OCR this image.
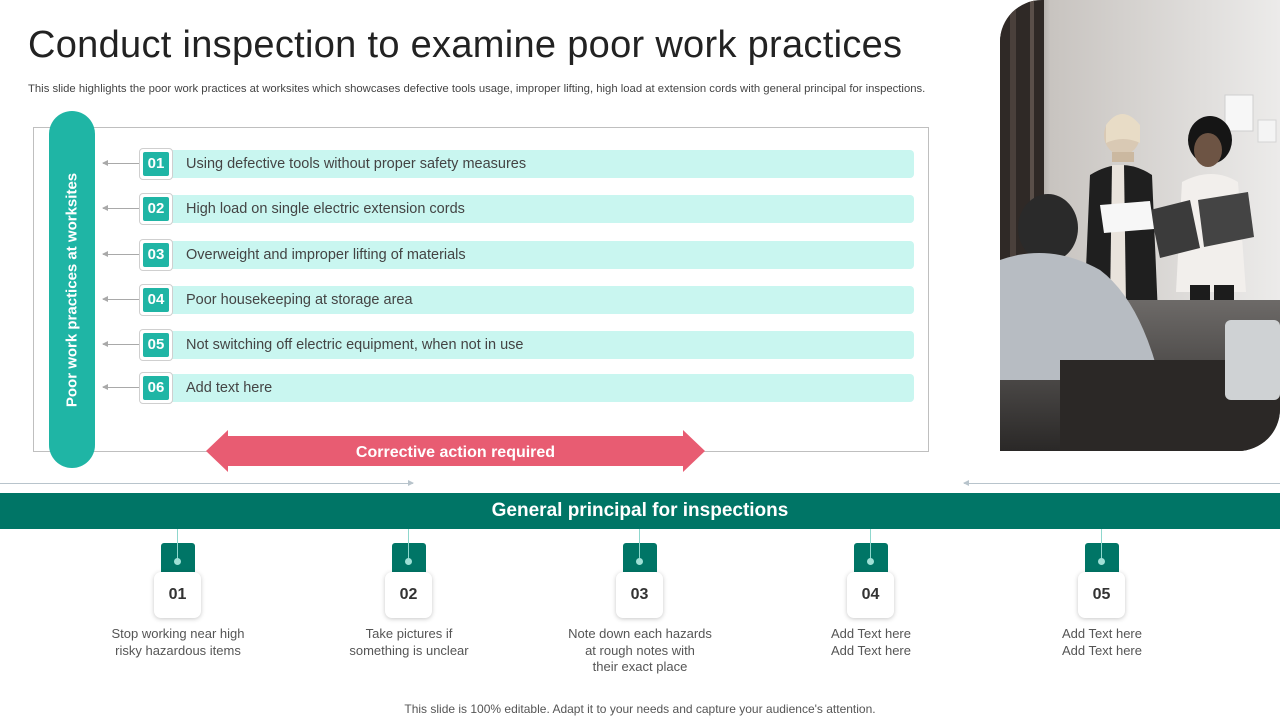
Conduct inspection to examine poor work practices
This slide highlights the poor work practices at worksites which showcases defective tools usage, improper lifting, high load at extension cords with general principal for inspections.
Poor work practices at worksites
01	Using defective tools without proper safety measures
02	High load on single electric extension cords
03	Overweight and improper lifting of materials
04	Poor housekeeping at storage area
05	Not switching off electric equipment, when not in use
06	Add text here
Corrective action required
General principal for inspections
01
Stop working near high
risky hazardous items
02
Take pictures if
something is unclear
03
Note down each hazards
at rough notes with
their exact place
04
Add Text here
Add Text here
05
Add Text here
Add Text here
This slide is 100% editable. Adapt it to your needs and capture your audience's attention.
